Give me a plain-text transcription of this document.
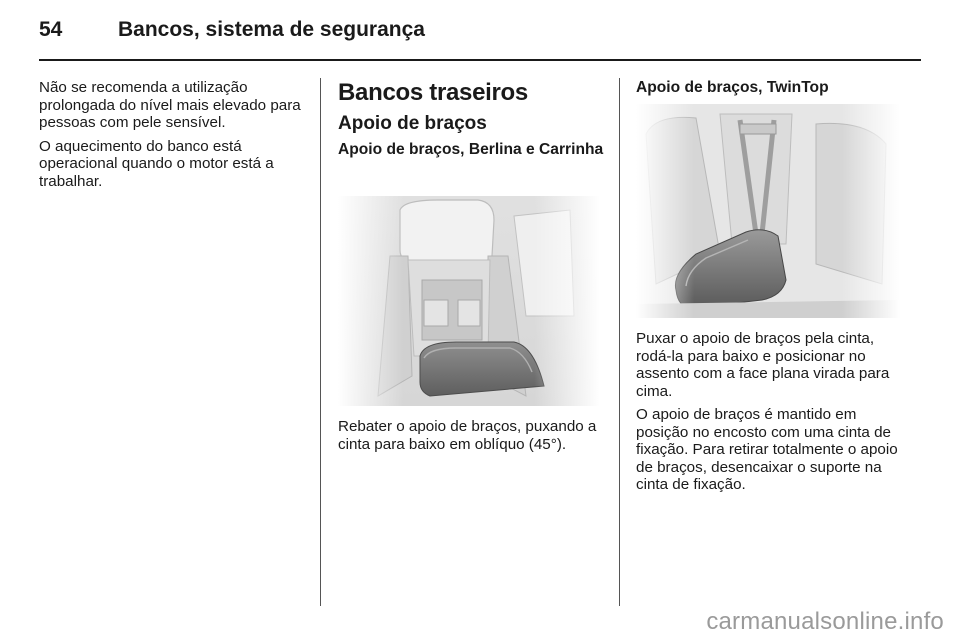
54	Bancos, sistema de segurança

Não se recomenda a utilização prolongada do nível mais elevado para pessoas com pele sensível.

O aquecimento do banco está operacional quando o motor está a trabalhar.

Bancos traseiros
Apoio de braços
Apoio de braços, Berlina e Carrinha

Rebater o apoio de braços, puxando a cinta para baixo em oblíquo (45°).

Apoio de braços, TwinTop

Puxar o apoio de braços pela cinta, rodá-la para baixo e posicionar no assento com a face plana virada para cima.

O apoio de braços é mantido em posição no encosto com uma cinta de fixação. Para retirar totalmente o apoio de braços, desencaixar o suporte na cinta de fixação.

carmanualsonline.info
